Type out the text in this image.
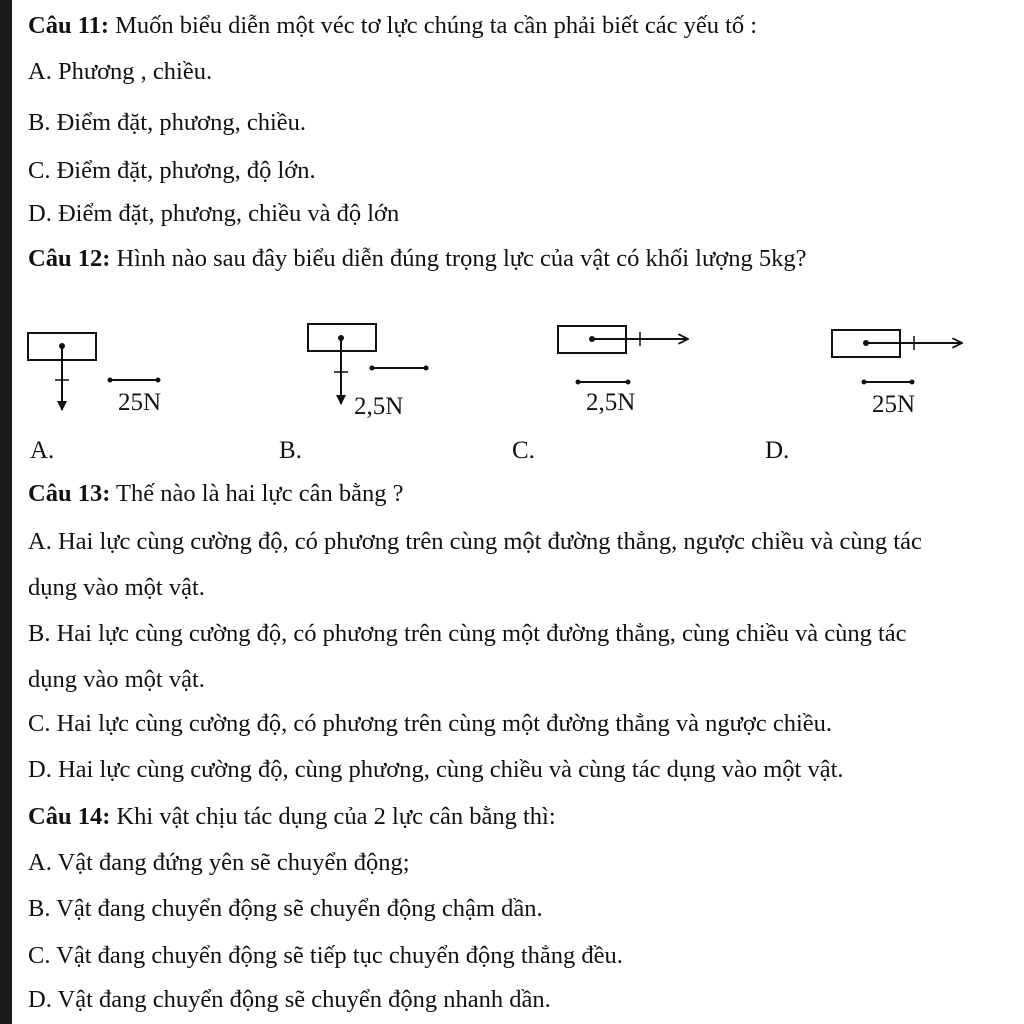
Câu 11: Muốn biểu diễn một véc tơ lực chúng ta cần phải biết các yếu tố :
A. Phương , chiều.
B. Điểm đặt, phương, chiều.
C. Điểm đặt, phương, độ lớn.
D. Điểm đặt, phương, chiều và độ lớn
Câu 12: Hình nào sau đây biểu diễn đúng trọng lực của vật có khối lượng 5kg?
25N
A.
2,5N
B.
2,5N
C.
25N
D.
Câu 13: Thế nào là hai lực cân bằng ?
A. Hai lực cùng cường độ, có phương trên cùng một đường thẳng, ngược chiều và cùng tác
dụng vào một vật.
B. Hai lực cùng cường độ, có phương trên cùng một đường thẳng, cùng chiều và cùng tác
dụng vào một vật.
C. Hai lực cùng cường độ, có phương trên cùng một đường thẳng và ngược chiều.
D. Hai lực cùng cường độ, cùng phương, cùng chiều và cùng tác dụng vào một vật.
Câu 14: Khi vật chịu tác dụng của 2 lực cân bằng thì:
A. Vật đang đứng yên sẽ chuyển động;
B. Vật đang chuyển động sẽ chuyển động chậm dần.
C. Vật đang chuyển động sẽ tiếp tục chuyển động thẳng đều.
D. Vật đang chuyển động sẽ chuyển động nhanh dần.
